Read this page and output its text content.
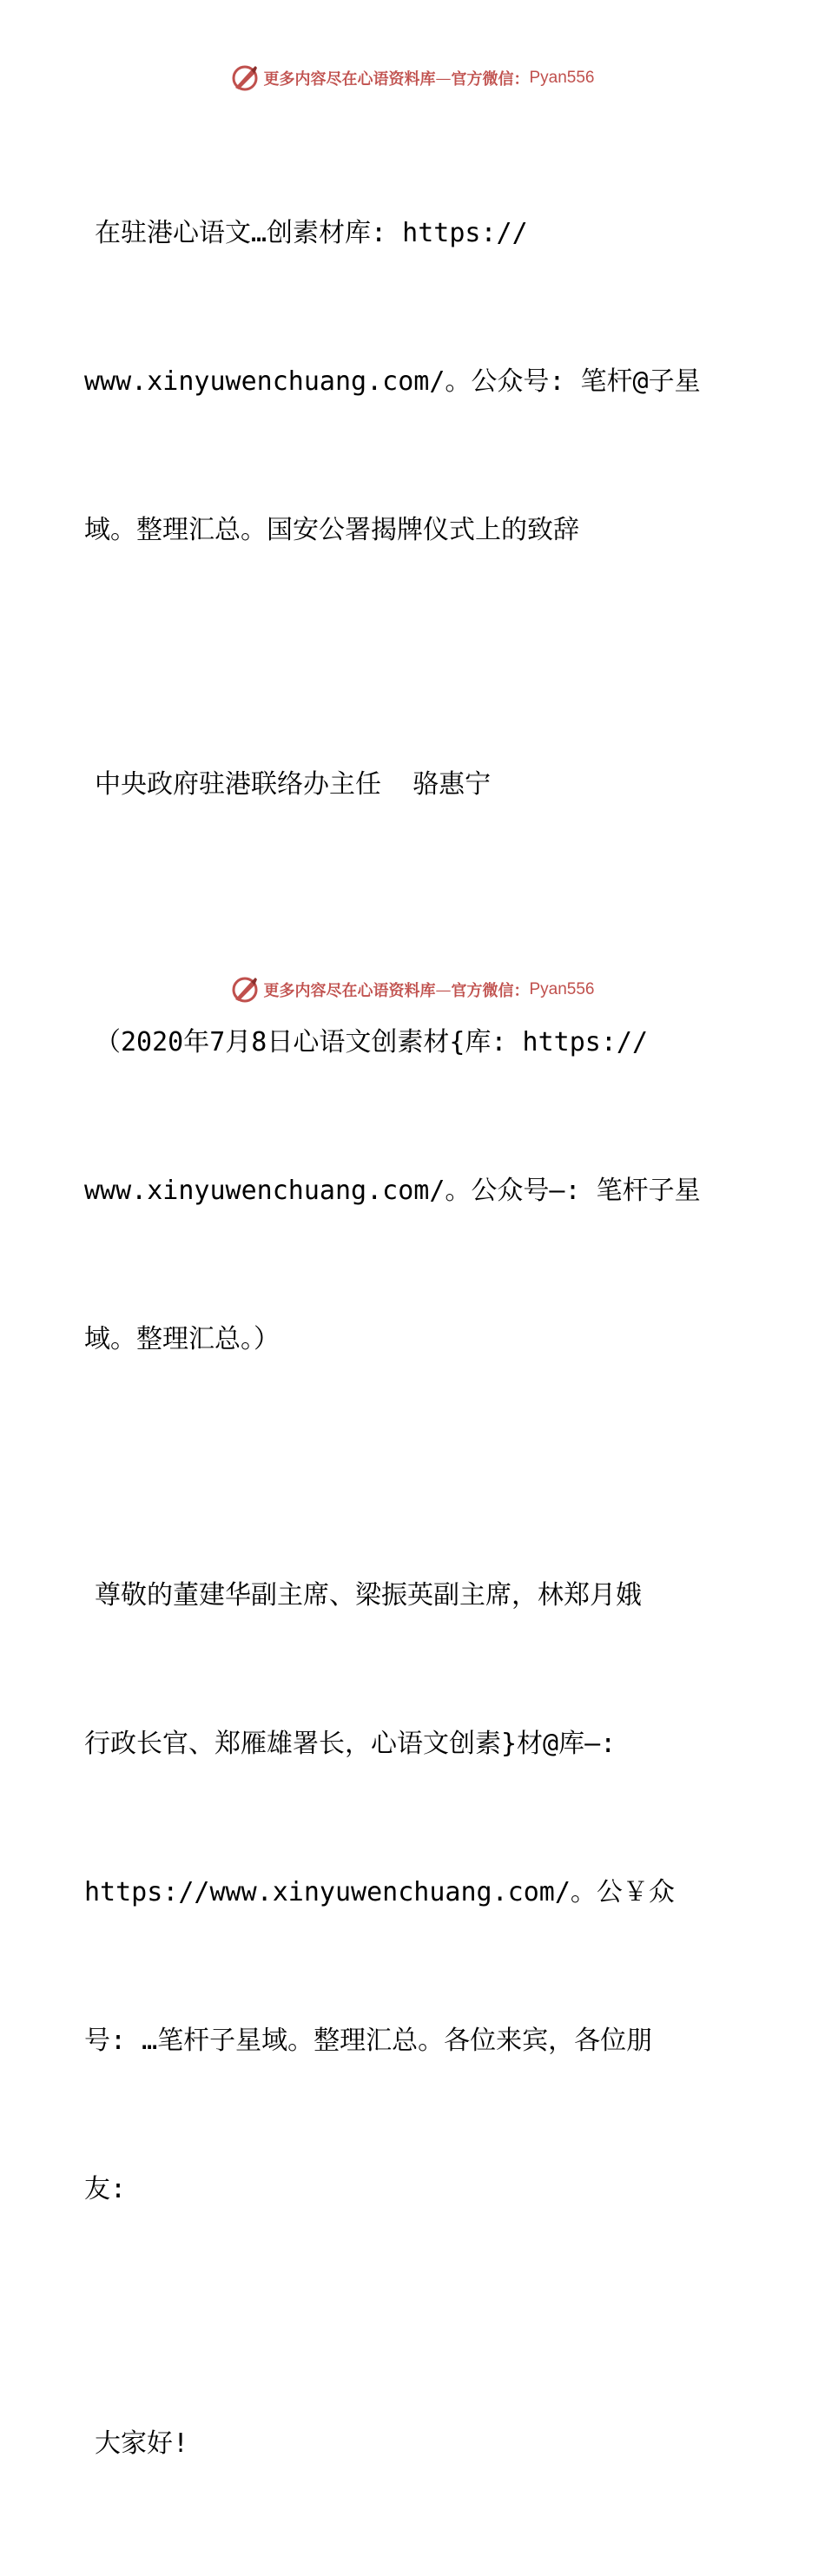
更多内容尽在心语资料库 — 官方微信： Pyan556

在驻港心语文…创素材库: https://

www.xinyuwenchuang.com/。公众号: 笔杆@子星

域。整理汇总。国安公署揭牌仪式上的致辞

中央政府驻港联络办主任  骆惠宁

（2020年7月8日心语文创素材{库: https://

www.xinyuwenchuang.com/。公众号—: 笔杆子星

域。整理汇总。）

尊敬的董建华副主席、梁振英副主席，林郑月娥

行政长官、郑雁雄署长，心语文创素}材@库—:

https://www.xinyuwenchuang.com/。公￥众

号: …笔杆子星域。整理汇总。各位来宾，各位朋

友:

大家好!

更多内容尽在心语资料库 — 官方微信： Pyan556
